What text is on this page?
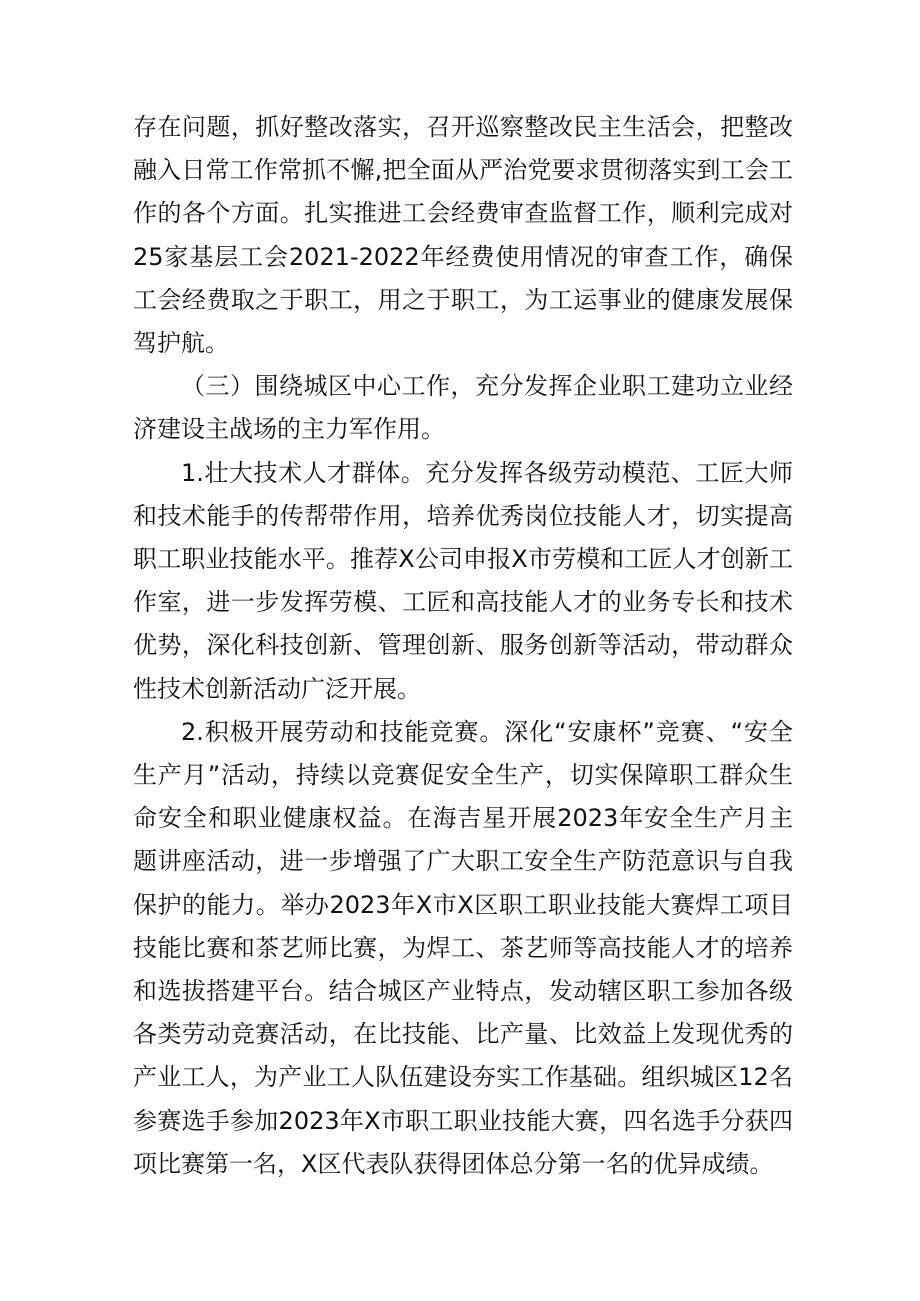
存在问题，抓好整改落实，召开巡察整改民主生活会，把整改融入日常工作常抓不懈,把全面从严治党要求贯彻落实到工会工作的各个方面。扎实推进工会经费审查监督工作，顺利完成对25家基层工会2021-2022年经费使用情况的审查工作，确保工会经费取之于职工，用之于职工，为工运事业的健康发展保驾护航。

（三）围绕城区中心工作，充分发挥企业职工建功立业经济建设主战场的主力军作用。

1.壮大技术人才群体。充分发挥各级劳动模范、工匠大师和技术能手的传帮带作用，培养优秀岗位技能人才，切实提高职工职业技能水平。推荐X公司申报X市劳模和工匠人才创新工作室，进一步发挥劳模、工匠和高技能人才的业务专长和技术优势，深化科技创新、管理创新、服务创新等活动，带动群众性技术创新活动广泛开展。

2.积极开展劳动和技能竞赛。深化“安康杯”竞赛、“安全生产月”活动，持续以竞赛促安全生产，切实保障职工群众生命安全和职业健康权益。在海吉星开展2023年安全生产月主题讲座活动，进一步增强了广大职工安全生产防范意识与自我保护的能力。举办2023年X市X区职工职业技能大赛焊工项目技能比赛和茶艺师比赛，为焊工、茶艺师等高技能人才的培养和选拔搭建平台。结合城区产业特点，发动辖区职工参加各级各类劳动竞赛活动，在比技能、比产量、比效益上发现优秀的产业工人，为产业工人队伍建设夯实工作基础。组织城区12名参赛选手参加2023年X市职工职业技能大赛，四名选手分获四项比赛第一名，X区代表队获得团体总分第一名的优异成绩。
